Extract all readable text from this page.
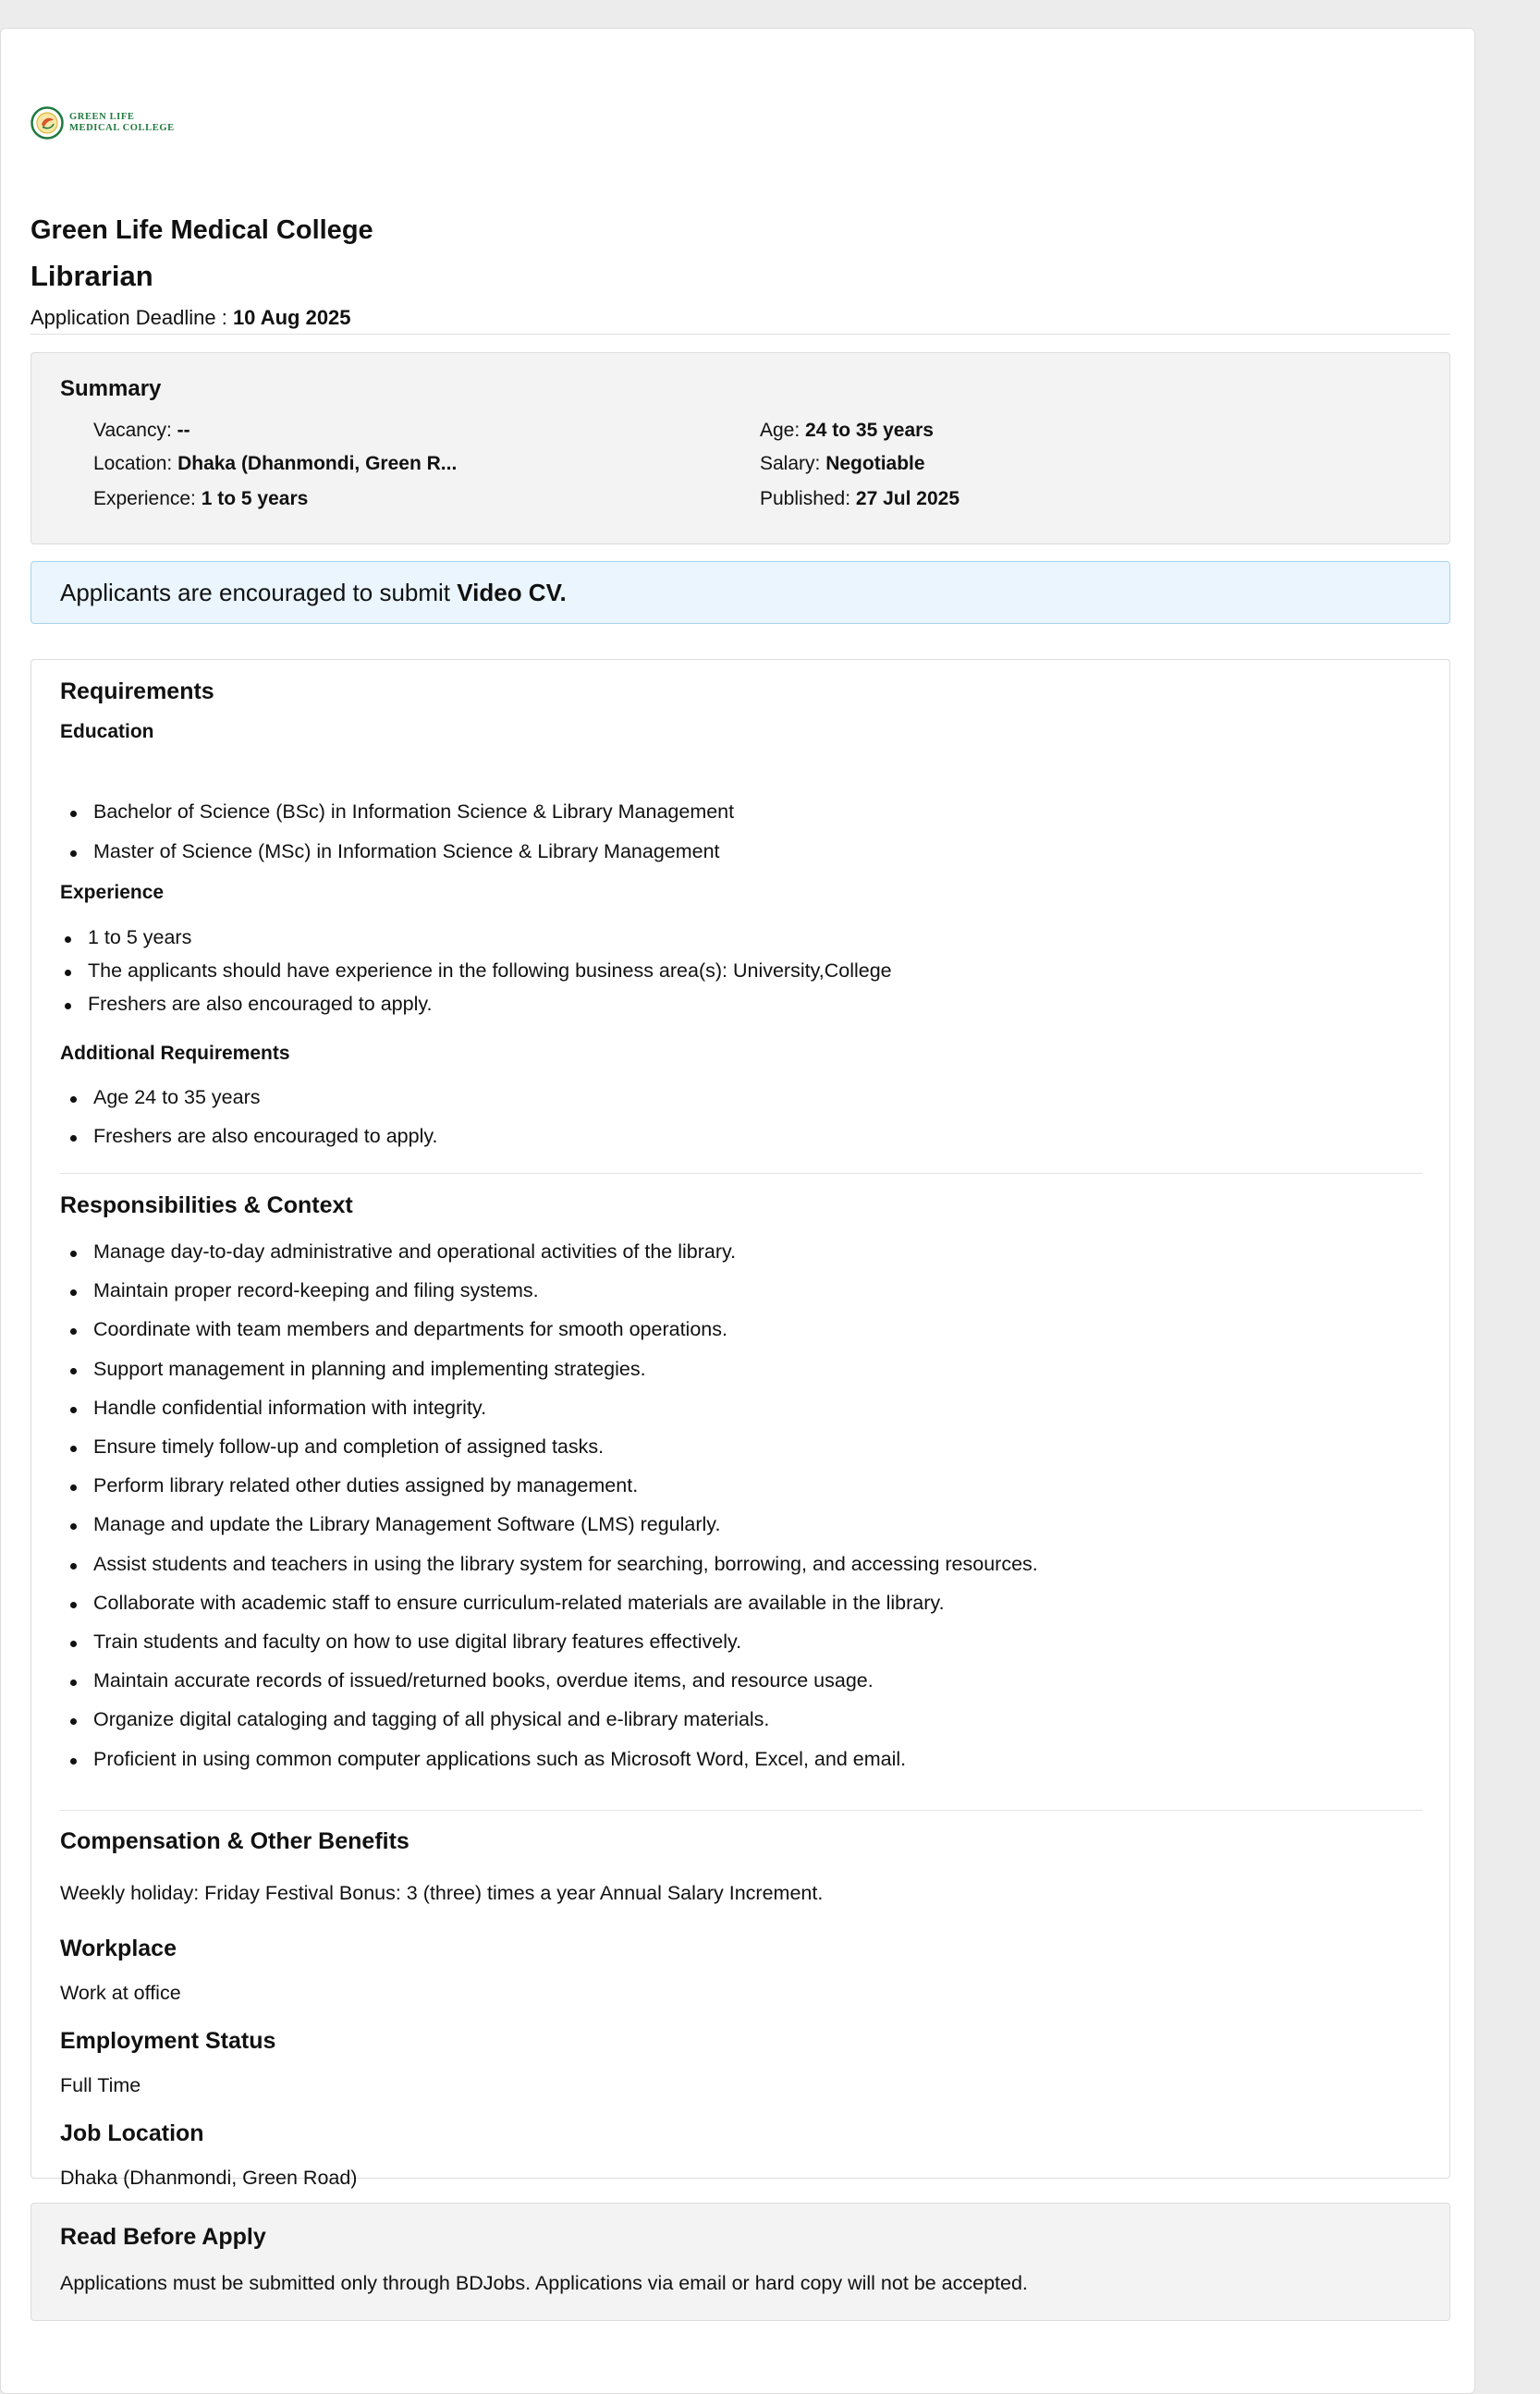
GREEN LIFE
MEDICAL COLLEGE
Green Life Medical College
Librarian
Application Deadline : 10 Aug 2025
Summary
Vacancy: --
Location: Dhaka (Dhanmondi, Green R...
Experience: 1 to 5 years
Age: 24 to 35 years
Salary: Negotiable
Published: 27 Jul 2025
Applicants are encouraged to submit Video CV.
Requirements
Education
Bachelor of Science (BSc) in Information Science & Library Management
Master of Science (MSc) in Information Science & Library Management
Experience
1 to 5 years
The applicants should have experience in the following business area(s): University,College
Freshers are also encouraged to apply.
Additional Requirements
Age 24 to 35 years
Freshers are also encouraged to apply.
Responsibilities & Context
Manage day-to-day administrative and operational activities of the library.
Maintain proper record-keeping and filing systems.
Coordinate with team members and departments for smooth operations.
Support management in planning and implementing strategies.
Handle confidential information with integrity.
Ensure timely follow-up and completion of assigned tasks.
Perform library related other duties assigned by management.
Manage and update the Library Management Software (LMS) regularly.
Assist students and teachers in using the library system for searching, borrowing, and accessing resources.
Collaborate with academic staff to ensure curriculum-related materials are available in the library.
Train students and faculty on how to use digital library features effectively.
Maintain accurate records of issued/returned books, overdue items, and resource usage.
Organize digital cataloging and tagging of all physical and e-library materials.
Proficient in using common computer applications such as Microsoft Word, Excel, and email.
Compensation & Other Benefits

Weekly holiday: Friday Festival Bonus: 3 (three) times a year Annual Salary Increment.

Workplace

Work at office

Employment Status

Full Time

Job Location

Dhaka (Dhanmondi, Green Road)

Read Before Apply

Applications must be submitted only through BDJobs. Applications via email or hard copy will not be accepted.
